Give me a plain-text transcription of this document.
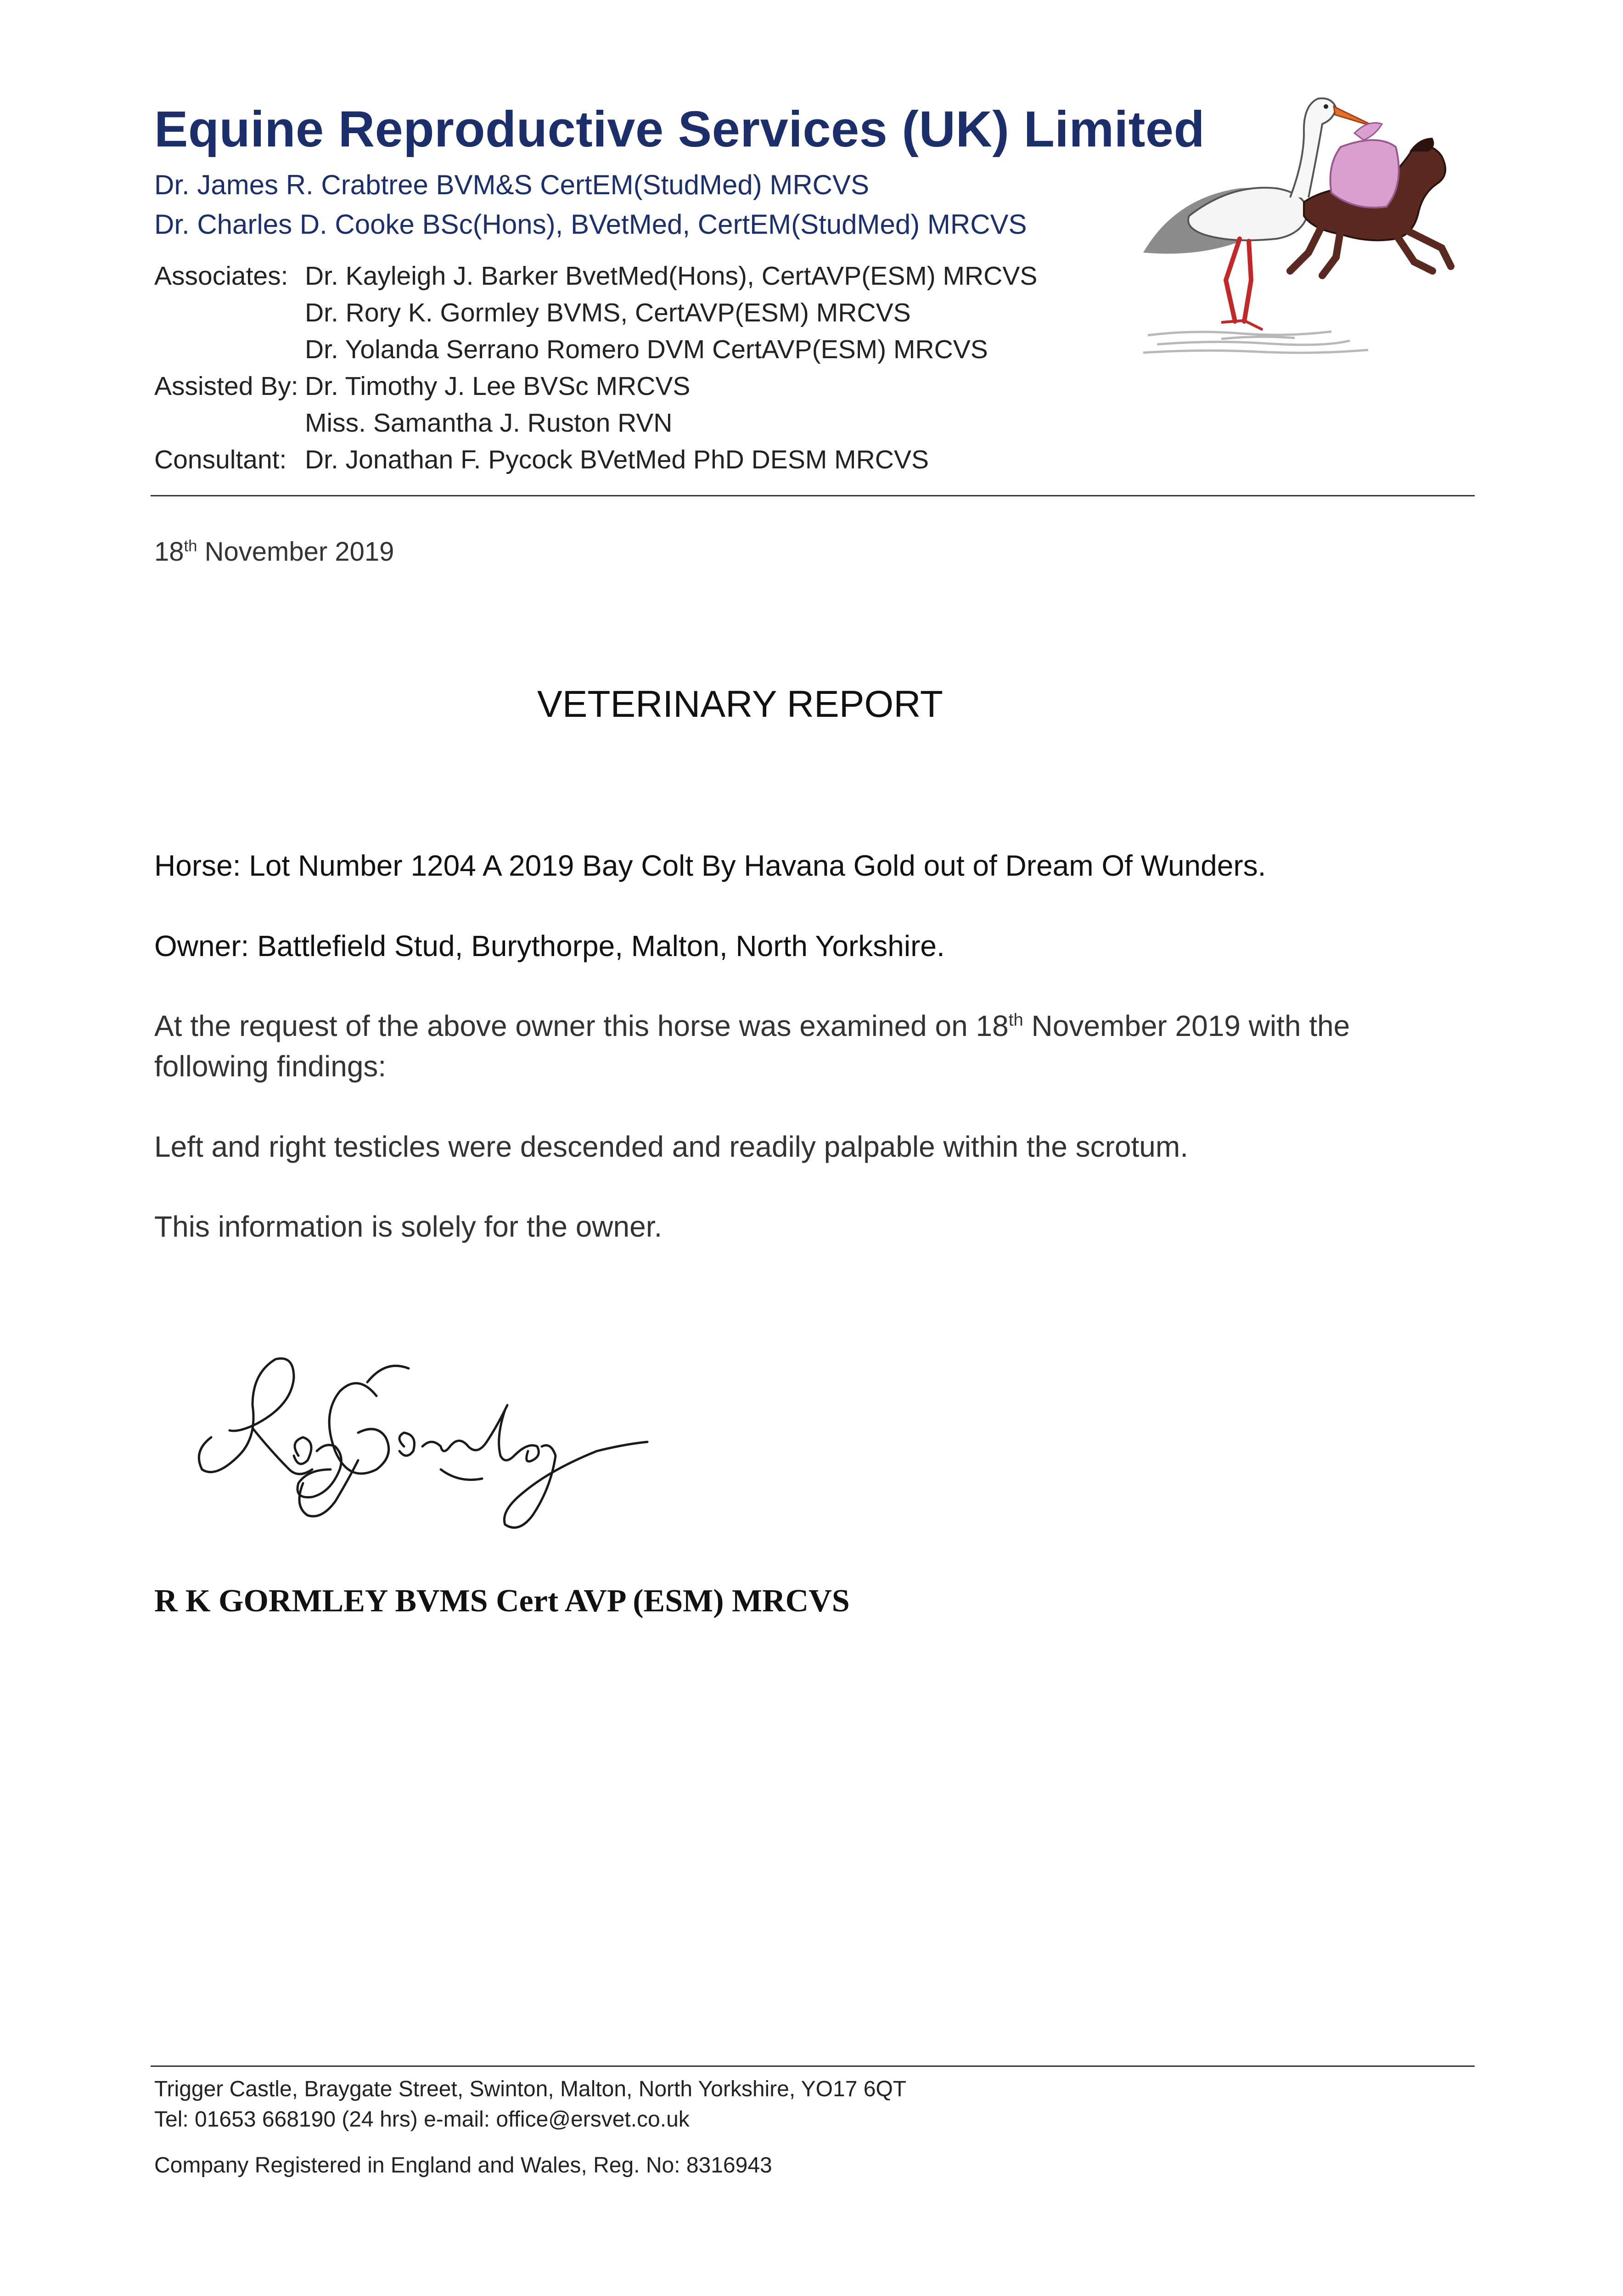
Equine Reproductive Services (UK) Limited
Dr. James R. Crabtree BVM&S CertEM(StudMed) MRCVS
Dr. Charles D. Cooke BSc(Hons), BVetMed, CertEM(StudMed) MRCVS
Associates: Dr. Kayleigh J. Barker BvetMed(Hons), CertAVP(ESM) MRCVS
Dr. Rory K. Gormley BVMS, CertAVP(ESM) MRCVS
Dr. Yolanda Serrano Romero DVM CertAVP(ESM) MRCVS
Assisted By: Dr. Timothy J. Lee BVSc MRCVS
Miss. Samantha J. Ruston RVN
Consultant: Dr. Jonathan F. Pycock BVetMed PhD DESM MRCVS
18th November 2019
VETERINARY REPORT
Horse: Lot Number 1204 A 2019 Bay Colt By Havana Gold out of Dream Of Wunders.
Owner: Battlefield Stud, Burythorpe, Malton, North Yorkshire.
At the request of the above owner this horse was examined on 18th November 2019 with the
following findings:
Left and right testicles were descended and readily palpable within the scrotum.
This information is solely for the owner.
R K GORMLEY BVMS Cert AVP (ESM) MRCVS
Trigger Castle, Braygate Street, Swinton, Malton, North Yorkshire, YO17 6QT
Tel: 01653 668190 (24 hrs) e-mail: office@ersvet.co.uk
Company Registered in England and Wales, Reg. No: 8316943
